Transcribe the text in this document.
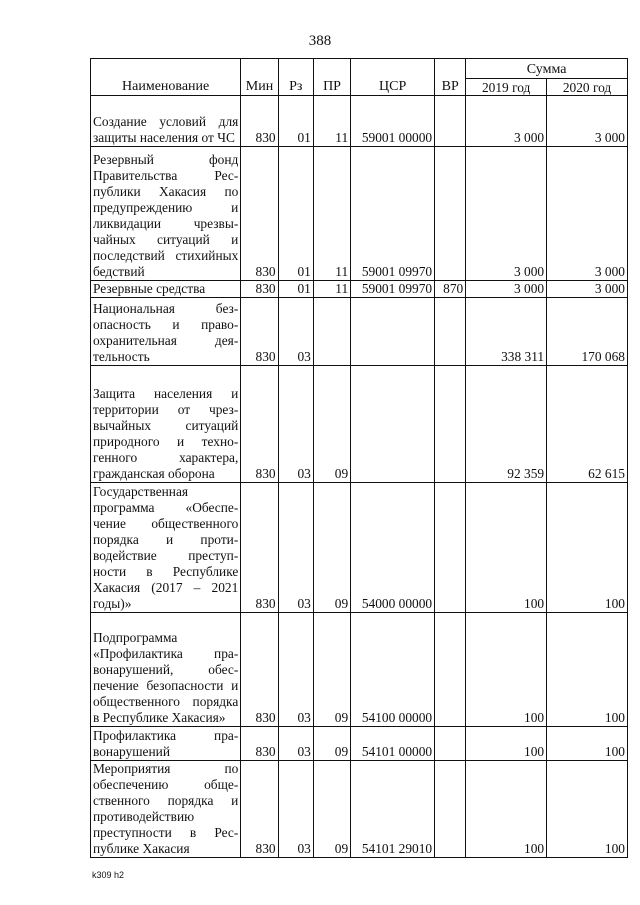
388
Наименование	Мин	Рз	ПР	ЦСР	ВР	Сумма	
						2019 год	2020 год
Создание условий для защиты населения от ЧС	830	01	11	59001 00000		3 000	3 000
Резервный фонд Правительства Республики Хакасия по предупреждению и ликвидации чрезвычайных ситуаций и последствий стихийных бедствий	830	01	11	59001 09970		3 000	3 000
Резервные средства	830	01	11	59001 09970	870	3 000	3 000
Национальная безопасность и правоохранительная деятельность	830	03				338 311	170 068
Защита населения и территории от чрезвычайных ситуаций природного и техногенного характера, гражданская оборона	830	03	09			92 359	62 615
Государственная программа «Обеспечение общественного порядка и противодействие преступности в Республике Хакасия (2017 – 2021 годы)»	830	03	09	54000 00000		100	100
Подпрограмма «Профилактика правонарушений, обеспечение безопасности и общественного порядка в Республике Хакасия»	830	03	09	54100 00000		100	100
Профилактика правонарушений	830	03	09	54101 00000		100	100
Мероприятия по обеспечению общественного порядка и противодействию преступности в Республике Хакасия	830	03	09	54101 29010		100	100
k309 h2
